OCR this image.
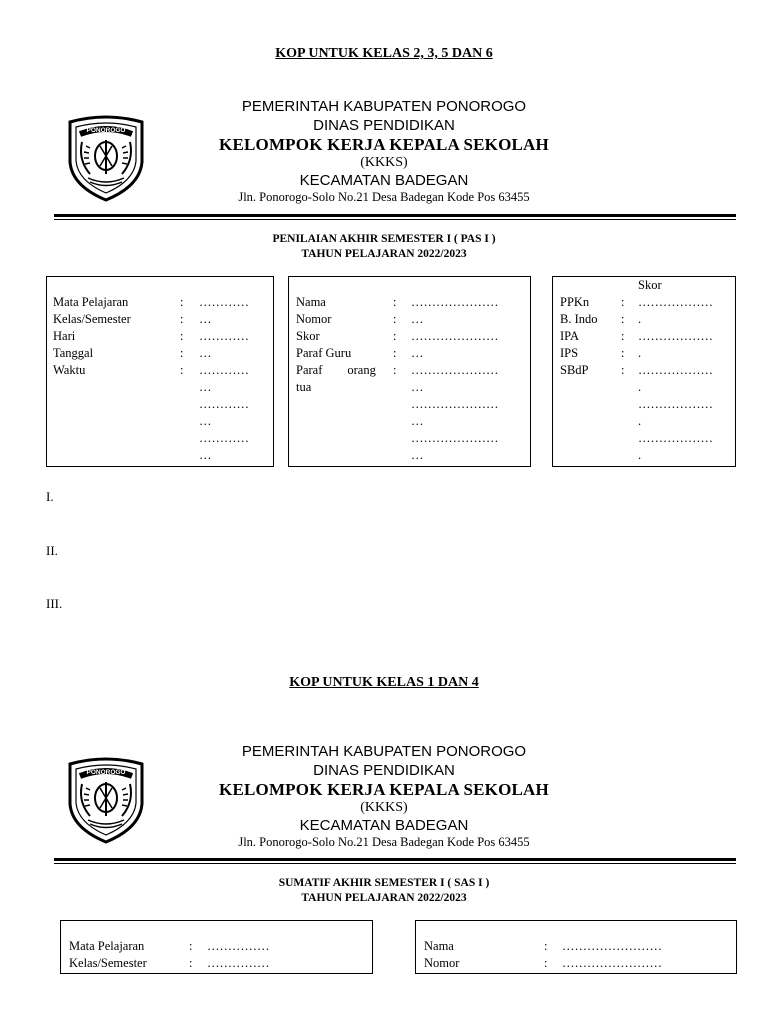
KOP UNTUK KELAS 2, 3, 5 DAN 6
PONOROGO
PEMERINTAH KABUPATEN PONOROGO
DINAS PENDIDIKAN
KELOMPOK KERJA KEPALA SEKOLAH
(KKKS)
KECAMATAN BADEGAN
Jln. Ponorogo-Solo No.21 Desa Badegan Kode Pos 63455
PENILAIAN AKHIR SEMESTER I ( PAS I )
TAHUN PELAJARAN 2022/2023
Mata Pelajaran	: …………
Kelas/Semester	: …
Hari	: …………
Tanggal	: …
Waktu	: …………
…
…………
…
…………
…
Nama	: …………………
Nomor	: …
Skor	: …………………
Paraf Guru	: …
Paraf        orang : …………………
tua	…
…………………
…
…………………
…
Skor
PPKn	: ………………
B. Indo : .
IPA	: ………………
IPS	: .
SBdP	: ………………
.
………………
.
………………
.
I.
II.
III.
KOP UNTUK KELAS 1 DAN 4
PONOROGO
PEMERINTAH KABUPATEN PONOROGO
DINAS PENDIDIKAN
KELOMPOK KERJA KEPALA SEKOLAH
(KKKS)
KECAMATAN BADEGAN
Jln. Ponorogo-Solo No.21 Desa Badegan Kode Pos 63455
SUMATIF AKHIR SEMESTER I ( SAS I )
TAHUN PELAJARAN 2022/2023
Mata Pelajaran	: ……………
Kelas/Semester	: ……………
Nama	: ……………………
Nomor	: ……………………
